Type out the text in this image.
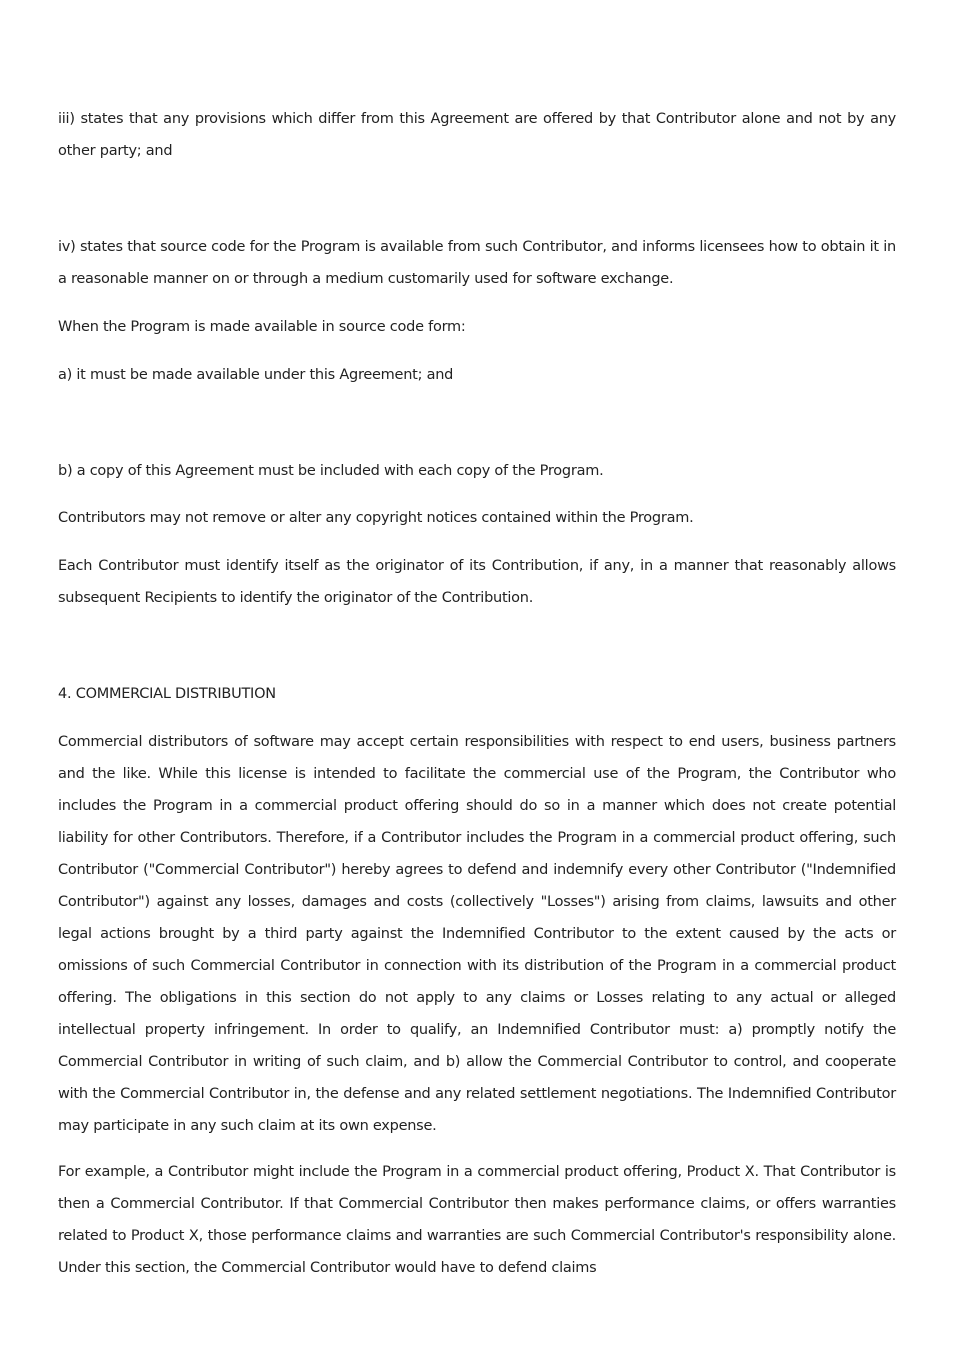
iii) states that any provisions which differ from this Agreement are offered by that Contributor alone and not by any other party; and

iv) states that source code for the Program is available from such Contributor, and informs licensees how to obtain it in a reasonable manner on or through a medium customarily used for software exchange.

When the Program is made available in source code form:

a) it must be made available under this Agreement; and

b) a copy of this Agreement must be included with each copy of the Program.

Contributors may not remove or alter any copyright notices contained within the Program.

Each Contributor must identify itself as the originator of its Contribution, if any, in a manner that reasonably allows subsequent Recipients to identify the originator of the Contribution.

4. COMMERCIAL DISTRIBUTION

Commercial distributors of software may accept certain responsibilities with respect to end users, business partners and the like. While this license is intended to facilitate the commercial use of the Program, the Contributor who includes the Program in a commercial product offering should do so in a manner which does not create potential liability for other Contributors. Therefore, if a Contributor includes the Program in a commercial product offering, such Contributor ("Commercial Contributor") hereby agrees to defend and indemnify every other Contributor ("Indemnified Contributor") against any losses, damages and costs (collectively "Losses") arising from claims, lawsuits and other legal actions brought by a third party against the Indemnified Contributor to the extent caused by the acts or omissions of such Commercial Contributor in connection with its distribution of the Program in a commercial product offering. The obligations in this section do not apply to any claims or Losses relating to any actual or alleged intellectual property infringement. In order to qualify, an Indemnified Contributor must: a) promptly notify the Commercial Contributor in writing of such claim, and b) allow the Commercial Contributor to control, and cooperate with the Commercial Contributor in, the defense and any related settlement negotiations. The Indemnified Contributor may participate in any such claim at its own expense.

For example, a Contributor might include the Program in a commercial product offering, Product X. That Contributor is then a Commercial Contributor. If that Commercial Contributor then makes performance claims, or offers warranties related to Product X, those performance claims and warranties are such Commercial Contributor's responsibility alone. Under this section, the Commercial Contributor would have to defend claims
